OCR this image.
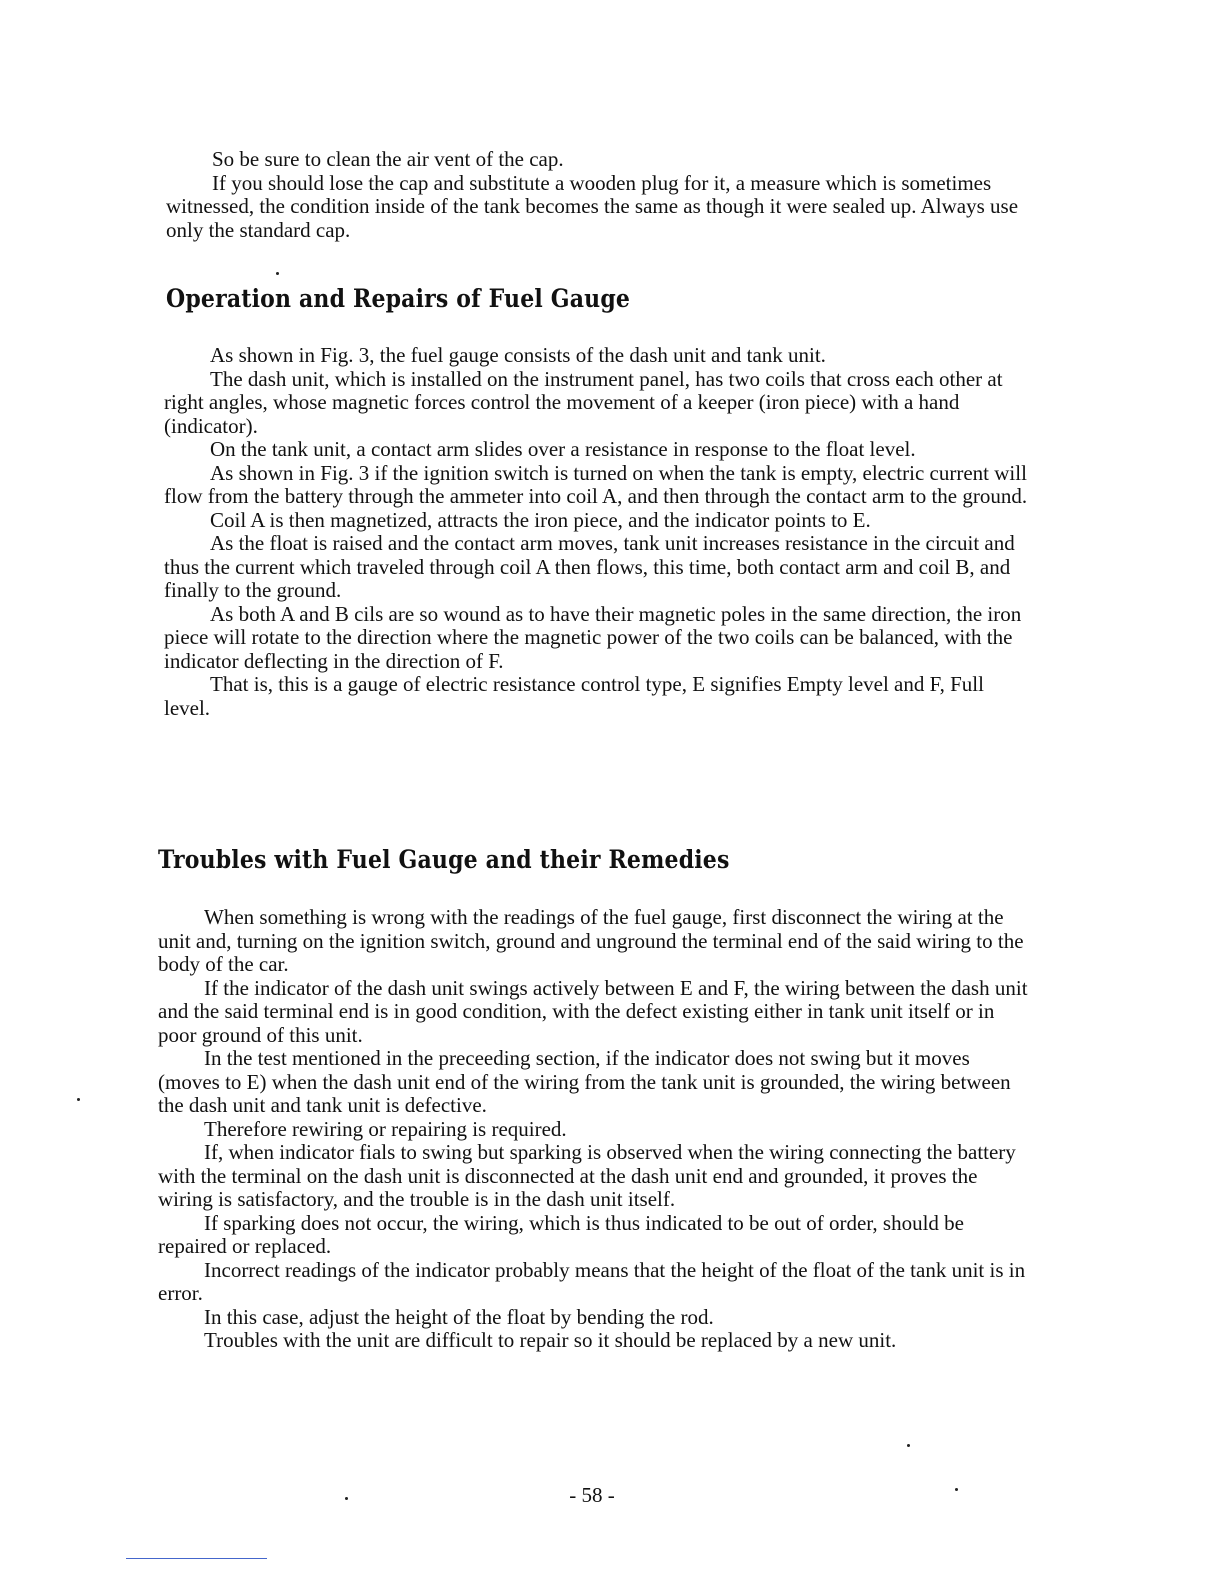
So be sure to clean the air vent of the cap.

If you should lose the cap and substitute a wooden plug for it, a measure which is sometimes witnessed, the condition inside of the tank becomes the same as though it were sealed up. Always use only the standard cap.

Operation and Repairs of Fuel Gauge

As shown in Fig. 3, the fuel gauge consists of the dash unit and tank unit.

The dash unit, which is installed on the instrument panel, has two coils that cross each other at right angles, whose magnetic forces control the movement of a keeper (iron piece) with a hand (indicator).

On the tank unit, a contact arm slides over a resistance in response to the float level.

As shown in Fig. 3 if the ignition switch is turned on when the tank is empty, electric current will flow from the battery through the ammeter into coil A, and then through the contact arm to the ground.

Coil A is then magnetized, attracts the iron piece, and the indicator points to E.

As the float is raised and the contact arm moves, tank unit increases resistance in the circuit and thus the current which traveled through coil A then flows, this time, both contact arm and coil B, and finally to the ground.

As both A and B cils are so wound as to have their magnetic poles in the same direction, the iron piece will rotate to the direction where the magnetic power of the two coils can be balanced, with the indicator deflecting in the direction of F.

That is, this is a gauge of electric resistance control type, E signifies Empty level and F, Full level.

Troubles with Fuel Gauge and their Remedies

When something is wrong with the readings of the fuel gauge, first disconnect the wiring at the unit and, turning on the ignition switch, ground and unground the terminal end of the said wiring to the body of the car.

If the indicator of the dash unit swings actively between E and F, the wiring between the dash unit and the said terminal end is in good condition, with the defect existing either in tank unit itself or in poor ground of this unit.

In the test mentioned in the preceeding section, if the indicator does not swing but it moves (moves to E) when the dash unit end of the wiring from the tank unit is grounded, the wiring between the dash unit and tank unit is defective.

Therefore rewiring or repairing is required.

If, when indicator fials to swing but sparking is observed when the wiring connecting the battery with the terminal on the dash unit is disconnected at the dash unit end and grounded, it proves the wiring is satisfactory, and the trouble is in the dash unit itself.

If sparking does not occur, the wiring, which is thus indicated to be out of order, should be repaired or replaced.

Incorrect readings of the indicator probably means that the height of the float of the tank unit is in error.

In this case, adjust the height of the float by bending the rod.

Troubles with the unit are difficult to repair so it should be replaced by a new unit.

- 58 -
